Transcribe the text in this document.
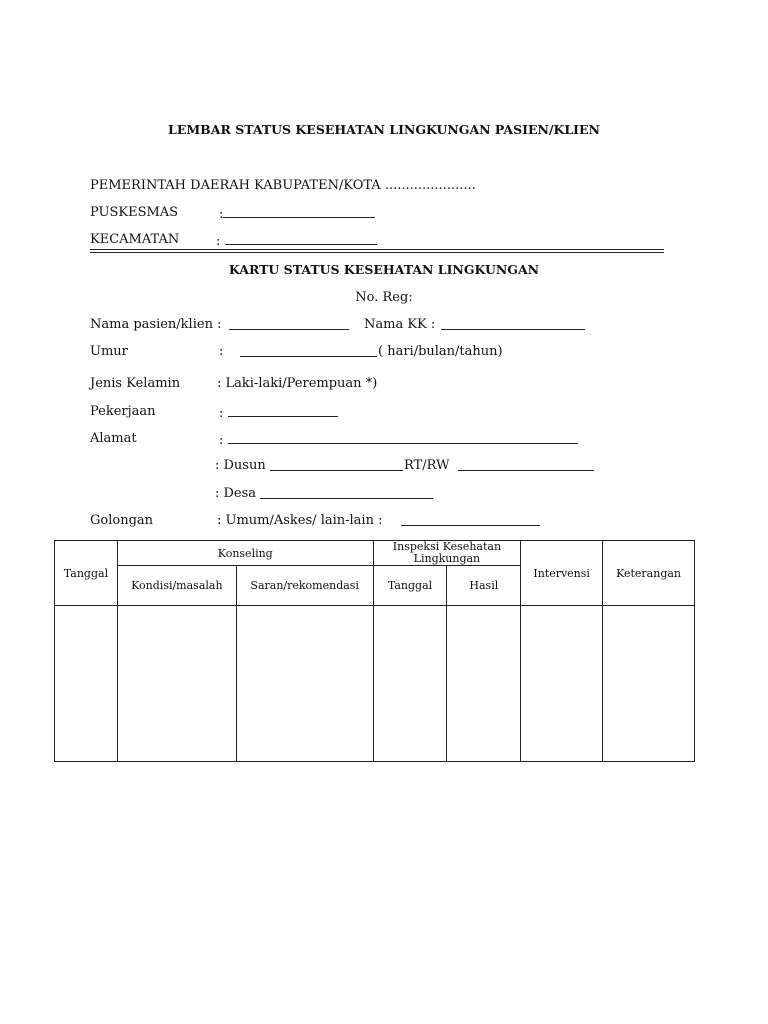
LEMBAR STATUS KESEHATAN LINGKUNGAN PASIEN/KLIEN
PEMERINTAH DAERAH KABUPATEN/KOTA ......................
PUSKESMAS	:
KECAMATAN	:
KARTU STATUS KESEHATAN LINGKUNGAN
No. Reg:
Nama pasien/klien :	Nama KK :
Umur	:	( hari/bulan/tahun)
Jenis Kelamin	: Laki-laki/Perempuan *)
Pekerjaan	:
Alamat	:
: Dusun	RT/RW
: Desa
Golongan	: Umum/Askes/ lain-lain :
Tanggal	Konseling		Inspeksi Kesehatan Lingkungan		Intervensi	Keterangan
	Kondisi/masalah	Saran/rekomendasi	Tanggal	Hasil		
